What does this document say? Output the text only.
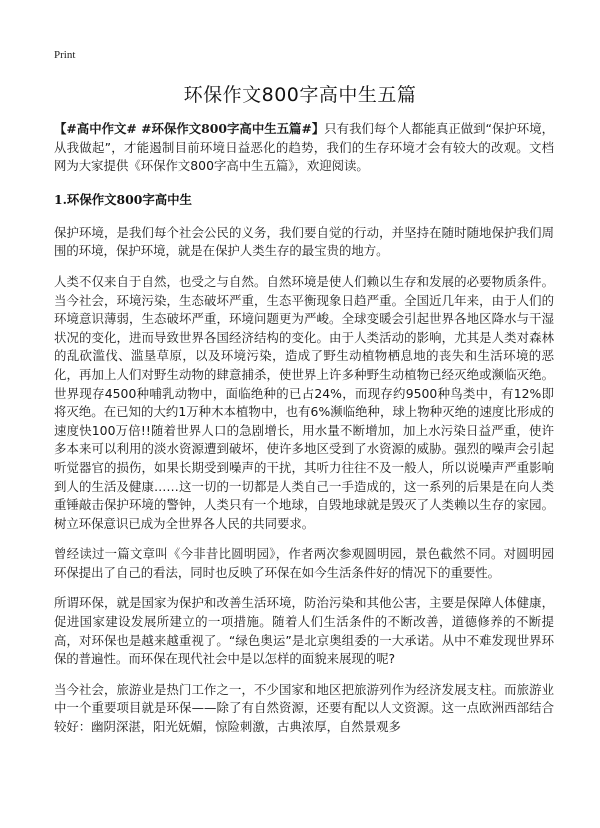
Print
环保作文800字高中生五篇

【#高中作文# #环保作文800字高中生五篇#】只有我们每个人都能真正做到“保护环境，从我做起”，才能遏制目前环境日益恶化的趋势，我们的生存环境才会有较大的改观。文档网为大家提供《环保作文800字高中生五篇》，欢迎阅读。

1.环保作文800字高中生

保护环境，是我们每个社会公民的义务，我们要自觉的行动，并坚持在随时随地保护我们周围的环境，保护环境，就是在保护人类生存的最宝贵的地方。

人类不仅来自于自然，也受之与自然。自然环境是使人们赖以生存和发展的必要物质条件。当今社会，环境污染，生态破坏严重，生态平衡现象日趋严重。全国近几年来，由于人们的环境意识薄弱，生态破坏严重，环境问题更为严峻。全球变暖会引起世界各地区降水与干湿状况的变化，进而导致世界各国经济结构的变化。由于人类活动的影响，尤其是人类对森林的乱砍滥伐、滥垦草原，以及环境污染，造成了野生动植物栖息地的丧失和生活环境的恶化，再加上人们对野生动物的肆意捕杀，使世界上许多种野生动植物已经灭绝或濒临灭绝。世界现存4500种哺乳动物中，面临绝种的已占24%，而现存约9500种鸟类中，有12%即将灭绝。在已知的大约1万种木本植物中，也有6%濒临绝种，球上物种灭绝的速度比形成的速度快100万倍!!随着世界人口的急剧增长，用水量不断增加，加上水污染日益严重，使许多本来可以利用的淡水资源遭到破坏，使许多地区受到了水资源的威胁。强烈的噪声会引起听觉器官的损伤，如果长期受到噪声的干扰，其听力往往不及一般人，所以说噪声严重影响到人的生活及健康……这一切的一切都是人类自己一手造成的，这一系列的后果是在向人类重锤敲击保护环境的警钟，人类只有一个地球，自毁地球就是毁灭了人类赖以生存的家园。树立环保意识已成为全世界各人民的共同要求。

曾经读过一篇文章叫《今非昔比圆明园》，作者两次参观圆明园，景色截然不同。对圆明园环保提出了自己的看法，同时也反映了环保在如今生活条件好的情况下的重要性。

所谓环保，就是国家为保护和改善生活环境，防治污染和其他公害，主要是保障人体健康，促进国家建设发展所建立的一项措施。随着人们生活条件的不断改善，道德修养的不断提高，对环保也是越来越重视了。“绿色奥运”是北京奥组委的一大承诺。从中不难发现世界环保的普遍性。而环保在现代社会中是以怎样的面貌来展现的呢?

当今社会，旅游业是热门工作之一，不少国家和地区把旅游列作为经济发展支柱。而旅游业中一个重要项目就是环保——除了有自然资源，还要有配以人文资源。这一点欧洲西部结合较好：幽阴深湛，阳光妩媚，惊险刺激，古典浓厚，自然景观多
